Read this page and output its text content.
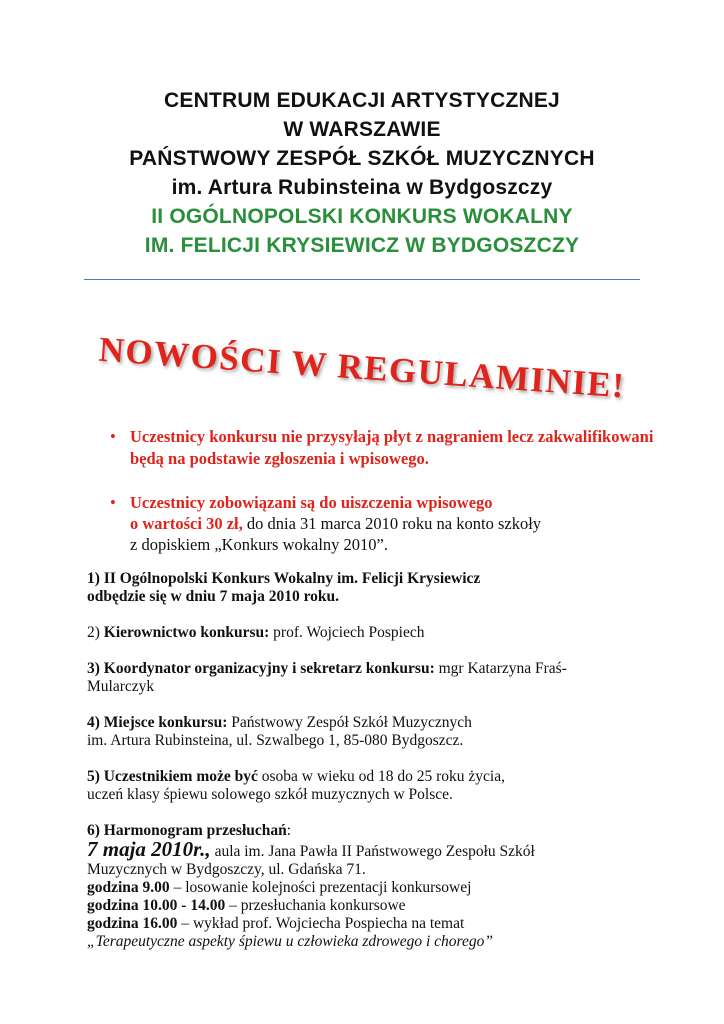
CENTRUM EDUKACJI ARTYSTYCZNEJ
W WARSZAWIE
PAŃSTWOWY ZESPÓŁ SZKÓŁ MUZYCZNYCH
im. Artura Rubinsteina w Bydgoszczy
II OGÓLNOPOLSKI KONKURS WOKALNY
IM. FELICJI KRYSIEWICZ W BYDGOSZCZY
NOWOŚCI W REGULAMINIE!
• Uczestnicy konkursu nie przysyłają płyt z nagraniem lecz zakwalifikowani będą na podstawie zgłoszenia i wpisowego.
• Uczestnicy zobowiązani są do uiszczenia wpisowego
o wartości 30 zł, do dnia 31 marca 2010 roku na konto szkoły
z dopiskiem „Konkurs wokalny 2010”.
1) II Ogólnopolski Konkurs Wokalny im. Felicji Krysiewicz
odbędzie się w dniu 7 maja 2010 roku.
2) Kierownictwo konkursu: prof. Wojciech Pospiech
3) Koordynator organizacyjny i sekretarz konkursu: mgr Katarzyna Fraś-
Mularczyk
4) Miejsce konkursu: Państwowy Zespół Szkół Muzycznych
im. Artura Rubinsteina, ul. Szwalbego 1, 85-080 Bydgoszcz.
5) Uczestnikiem może być osoba w wieku od 18 do 25 roku życia,
uczeń klasy śpiewu solowego szkół muzycznych w Polsce.
6) Harmonogram przesłuchań:
7 maja 2010r., aula im. Jana Pawła II Państwowego Zespołu Szkół
Muzycznych w Bydgoszczy, ul. Gdańska 71.
godzina 9.00 – losowanie kolejności prezentacji konkursowej
godzina 10.00 - 14.00 – przesłuchania konkursowe
godzina 16.00 – wykład prof. Wojciecha Pospiecha na temat
„Terapeutyczne aspekty śpiewu u człowieka zdrowego i chorego”
